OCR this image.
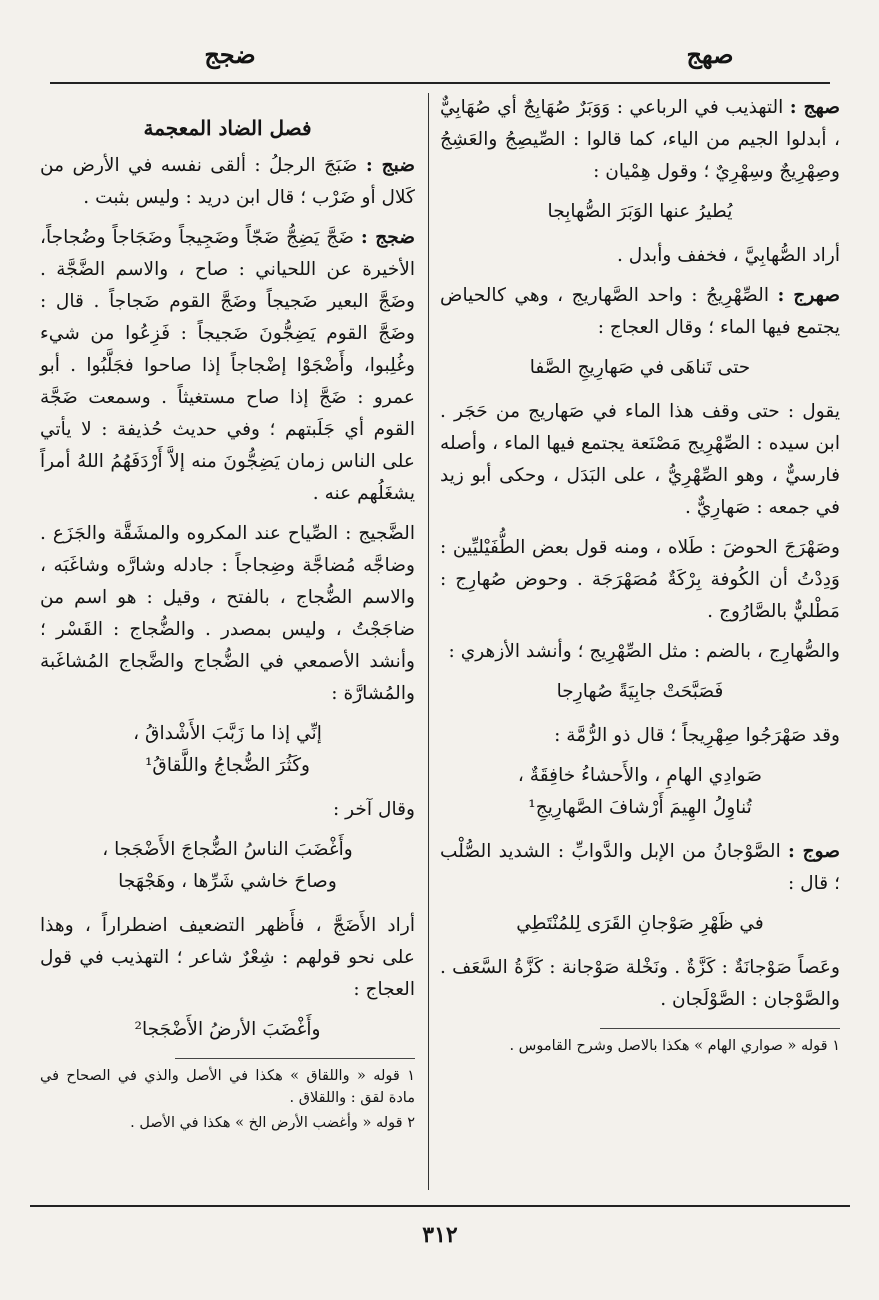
صهج
ضجج

صهج : التهذيب في الرباعي : وَوَبَرٌ صُهَابِجٌ أي صُهَابِيٌّ ، أبدلوا الجيم من الياء، كما قالوا : الصِّيصِجُ والعَشِجُ وصِهْرِيجٌ وسِهْرِيٌ ؛ وقول هِمْيان :

يُطيرُ عنها الوَبَرَ الصُّهابِجا

أراد الصُّهابِيَّ ، فخفف وأبدل .

صهرج : الصِّهْرِيجُ : واحد الصَّهاريج ، وهي كالحياض يجتمع فيها الماء ؛ وقال العجاج :

حتى تَناهَى في صَهارِيجِ الصَّفا

يقول : حتى وقف هذا الماء في صَهاريج من حَجَر . ابن سيده : الصِّهْرِيج مَصْنَعة يجتمع فيها الماء ، وأصله فارسيٌّ ، وهو الصِّهْرِيُّ ، على البَدَل ، وحكى أبو زيد في جمعه : صَهارِيٌّ .

وصَهْرَجَ الحوضَ : طَلاه ، ومنه قول بعض الطُّفَيْليِّين : وَدِدْتُ أن الكُوفة بِرْكَةٌ مُصَهْرَجَة . وحوض صُهارِج : مَطْليٌّ بالصَّارُوج .

والصُّهارِج ، بالضم : مثل الصِّهْرِيج ؛ وأنشد الأزهري :

فَصَبَّحَتْ جابِيَةً صُهارِجا

وقد صَهْرَجُوا صِهْرِيجاً ؛ قال ذو الرُّمَّة :

صَوادِي الهامِ ، والأَحشاءُ خافِقَةٌ ،
تُناوِلُ الهِيمَ أَرْشافَ الصَّهارِيجِ¹

صوج : الصَّوْجانُ من الإبل والدَّوابِّ : الشديد الصُّلْب ؛ قال :

في ظَهْرِ صَوْجانِ القَرَى لِلمُنْتَطِي

وعَصاً صَوْجانَةٌ : كَزَّةٌ . ونَخْلة صَوْجانة : كَزَّةُ السَّعَف . والصَّوْجان : الصَّوْلَجان .

١ قوله « صواري الهام » هكذا بالاصل وشرح القاموس .
فصل الضاد المعجمة

ضبج : ضَبَجَ الرجلُ : ألقى نفسه في الأرض من كَلال أو ضَرْب ؛ قال ابن دريد : وليس بثبت .

ضجج : ضَجَّ يَضِجُّ ضَجّاً وضَجِيجاً وضَجَاجاً وضُجاجاً، الأخيرة عن اللحياني : صاح ، والاسم الضَّجَّة . وضَجَّ البعير ضَجيجاً وضَجَّ القوم ضَجاجاً . قال : وضَجَّ القوم يَضِجُّونَ ضَجيجاً : فَزِعُوا من شيء وغُلِبوا، وأَضْجَوْا إضْجاجاً إذا صاحوا فجَلَّبُوا . أبو عمرو : ضَجَّ إذا صاح مستغيثاً . وسمعت ضَجَّة القوم أي جَلَبتهم ؛ وفي حديث حُذيفة : لا يأتي على الناس زمان يَضِجُّونَ منه إلاَّ أَرْدَفَهُمُ اللهُ أمراً يشغَلُهم عنه .

الضَّجيج : الصِّياح عند المكروه والمشَقَّة والجَزَع . وضاجَّه مُضاجَّة وضِجاجاً : جادله وشارَّه وشاغَبَه ، والاسم الضُّجاج ، بالفتح ، وقيل : هو اسم من ضاجَجْتُ ، وليس بمصدر . والضُّجاج : القَسْر ؛ وأنشد الأصمعي في الضُّجاج والضَّجاج المُشاغَبة والمُشارَّة :

إنِّي إذا ما زَبَّبَ الأَشْداقُ ،
وكَثُرَ الضُّجاجُ واللَّقاقُ¹

وقال آخر :

وأَغْضَبَ الناسُ الضُّجاجَ الأَضْجَجا ،
وصاحَ خاشي شَرِّها ، وهَجْهَجا

أراد الأَضَجَّ ، فأَظهر التضعيف اضطراراً ، وهذا على نحو قولهم : شِعْرٌ شاعر ؛ التهذيب في قول العجاج :

وأَغْضَبَ الأرضُ الأَضْجَجا²
١ قوله « واللقاق » هكذا في الأصل والذي في الصحاح في مادة لقق : واللقلاق .
٢ قوله « وأغضب الأرض الخ » هكذا في الأصل .
٣١٢
